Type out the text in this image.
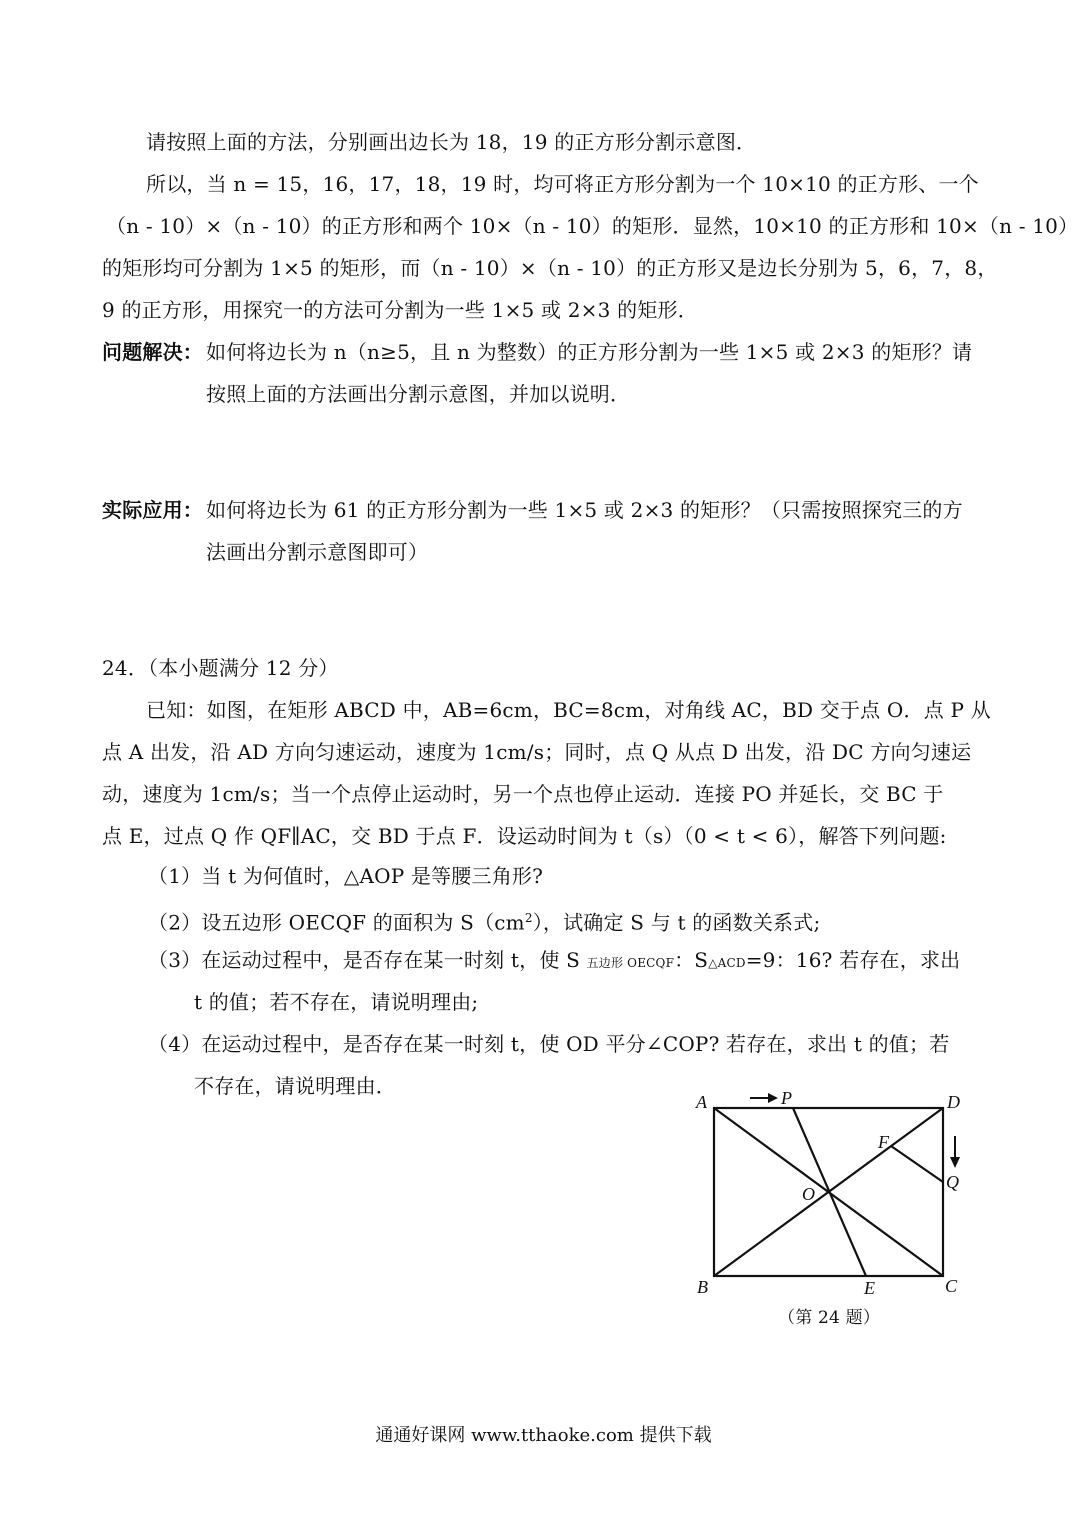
请按照上面的方法，分别画出边长为 18，19 的正方形分割示意图．
所以，当 n = 15，16，17，18，19 时，均可将正方形分割为一个 10×10 的正方形、一个
（n - 10）×（n - 10）的正方形和两个 10×（n - 10）的矩形．显然，10×10 的正方形和 10×（n - 10）
的矩形均可分割为 1×5 的矩形，而（n - 10）×（n - 10）的正方形又是边长分别为 5，6，7，8，
9 的正方形，用探究一的方法可分割为一些 1×5 或 2×3 的矩形．
问题解决： 如何将边长为 n（n≥5，且 n 为整数）的正方形分割为一些 1×5 或 2×3 的矩形？请
按照上面的方法画出分割示意图，并加以说明．
实际应用： 如何将边长为 61 的正方形分割为一些 1×5 或 2×3 的矩形？（只需按照探究三的方
法画出分割示意图即可）
24．（本小题满分 12 分）
已知：如图，在矩形 ABCD 中，AB=6cm，BC=8cm，对角线 AC，BD 交于点 O．点 P 从
点 A 出发，沿 AD 方向匀速运动，速度为 1cm/s；同时，点 Q 从点 D 出发，沿 DC 方向匀速运
动，速度为 1cm/s；当一个点停止运动时，另一个点也停止运动．连接 PO 并延长，交 BC 于
点 E，过点 Q 作 QF∥AC，交 BD 于点 F．设运动时间为 t（s）（0 < t < 6），解答下列问题:
（1）当 t 为何值时，△AOP 是等腰三角形?
（2）设五边形 OECQF 的面积为 $S(cm^2)$，试确定 S 与 t 的函数关系式;
（3）在运动过程中，是否存在某一时刻 t，使 S 五边形 OECQF：S△ACD=9：16? 若存在，求出
t 的值；若不存在，请说明理由;
（4）在运动过程中，是否存在某一时刻 t，使 OD 平分∠COP? 若存在，求出 t 的值；若
不存在，请说明理由．
A	P	D
F
Q
O
B	E	C
（第 24 题）
通通好课网 www.tthaoke.com 提供下载
